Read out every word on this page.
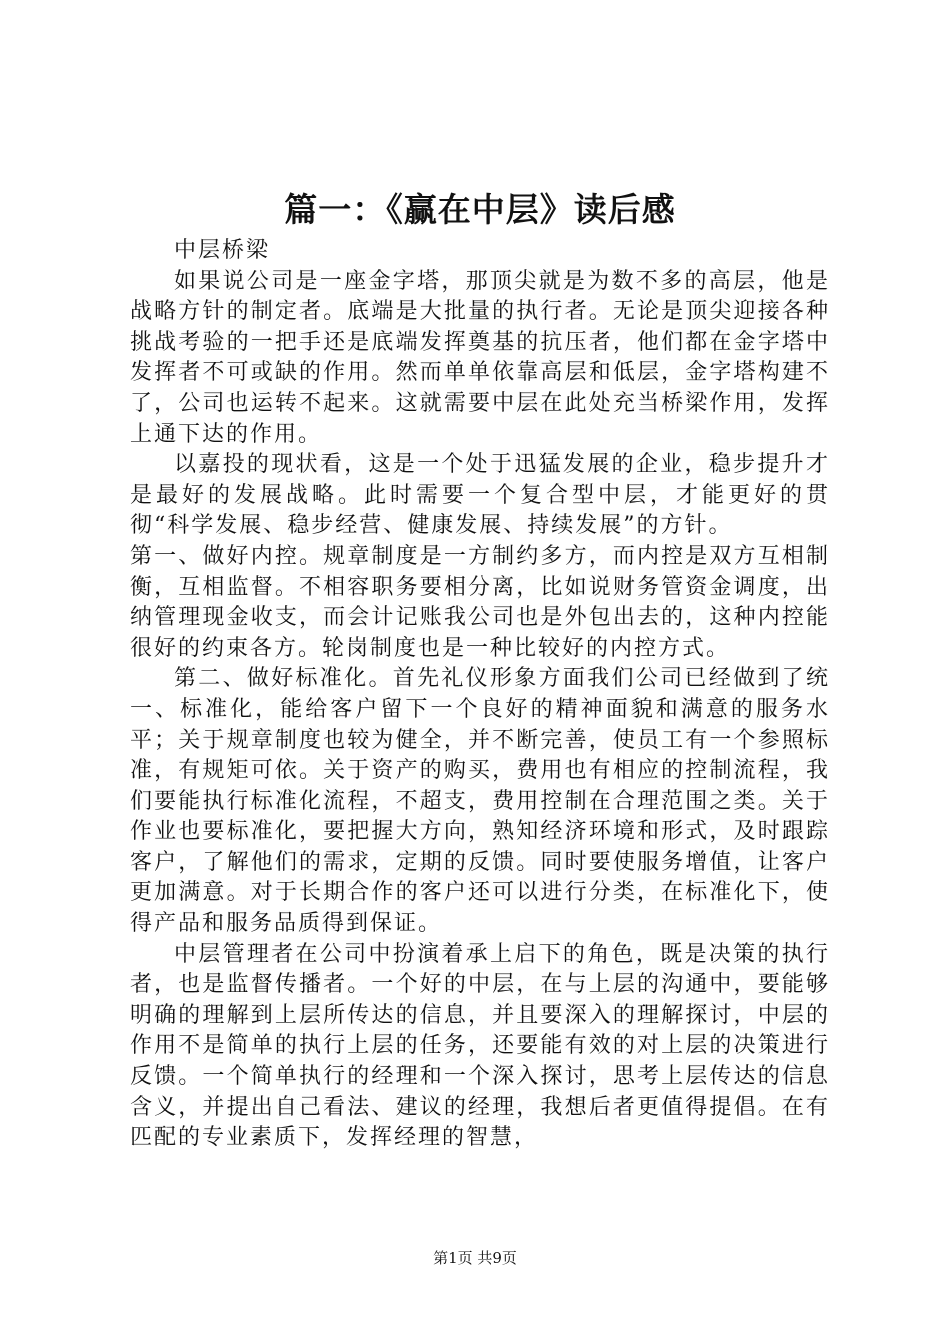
篇一：《赢在中层》读后感

中层桥梁

如果说公司是一座金字塔，那顶尖就是为数不多的高层，他是战略方针的制定者。底端是大批量的执行者。无论是顶尖迎接各种挑战考验的一把手还是底端发挥奠基的抗压者，他们都在金字塔中发挥者不可或缺的作用。然而单单依靠高层和低层，金字塔构建不了，公司也运转不起来。这就需要中层在此处充当桥梁作用，发挥上通下达的作用。

以嘉投的现状看，这是一个处于迅猛发展的企业，稳步提升才是最好的发展战略。此时需要一个复合型中层，才能更好的贯彻“科学发展、稳步经营、健康发展、持续发展”的方针。

第一、做好内控。规章制度是一方制约多方，而内控是双方互相制衡，互相监督。不相容职务要相分离，比如说财务管资金调度，出纳管理现金收支，而会计记账我公司也是外包出去的，这种内控能很好的约束各方。轮岗制度也是一种比较好的内控方式。

第二、做好标准化。首先礼仪形象方面我们公司已经做到了统一、标准化，能给客户留下一个良好的精神面貌和满意的服务水平；关于规章制度也较为健全，并不断完善，使员工有一个参照标准，有规矩可依。关于资产的购买，费用也有相应的控制流程，我们要能执行标准化流程，不超支，费用控制在合理范围之类。关于作业也要标准化，要把握大方向，熟知经济环境和形式，及时跟踪客户，了解他们的需求，定期的反馈。同时要使服务增值，让客户更加满意。对于长期合作的客户还可以进行分类，在标准化下，使得产品和服务品质得到保证。

中层管理者在公司中扮演着承上启下的角色，既是决策的执行者，也是监督传播者。一个好的中层，在与上层的沟通中，要能够明确的理解到上层所传达的信息，并且要深入的理解探讨，中层的作用不是简单的执行上层的任务，还要能有效的对上层的决策进行反馈。一个简单执行的经理和一个深入探讨，思考上层传达的信息含义，并提出自己看法、建议的经理，我想后者更值得提倡。在有匹配的专业素质下，发挥经理的智慧，

第1页 共9页
